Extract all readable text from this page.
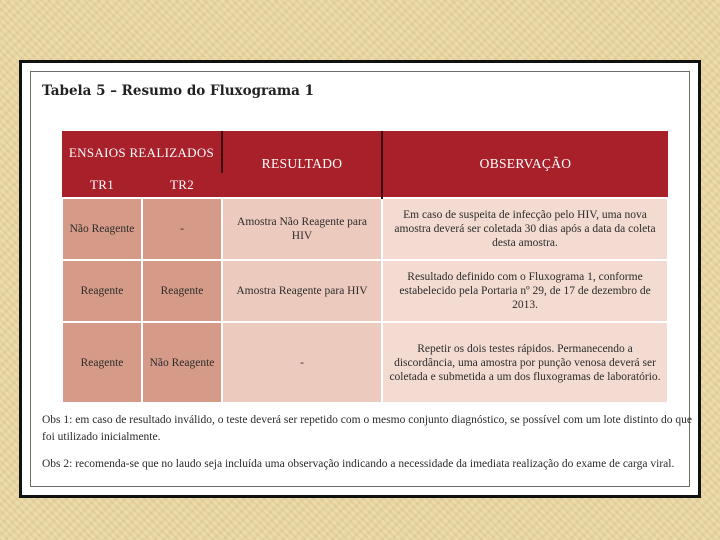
Tabela 5 – Resumo do Fluxograma 1
ENSAIOS REALIZADOS		RESULTADO	OBSERVAÇÃO
TR1	TR2		
Não Reagente	-	Amostra Não Reagente para HIV	Em caso de suspeita de infecção pelo HIV, uma nova amostra deverá ser coletada 30 dias após a data da coleta desta amostra.
Reagente	Reagente	Amostra Reagente para HIV	Resultado definido com o Fluxograma 1, conforme estabelecido pela Portaria nº 29, de 17 de dezembro de 2013.
Reagente	Não Reagente	-	Repetir os dois testes rápidos. Permanecendo a discordância, uma amostra por punção venosa deverá ser coletada e submetida a um dos fluxogramas de laboratório.

Obs 1: em caso de resultado inválido, o teste deverá ser repetido com o mesmo conjunto diagnóstico, se possível com um lote distinto do que foi utilizado inicialmente.

Obs 2: recomenda-se que no laudo seja incluída uma observação indicando a necessidade da imediata realização do exame de carga viral.
